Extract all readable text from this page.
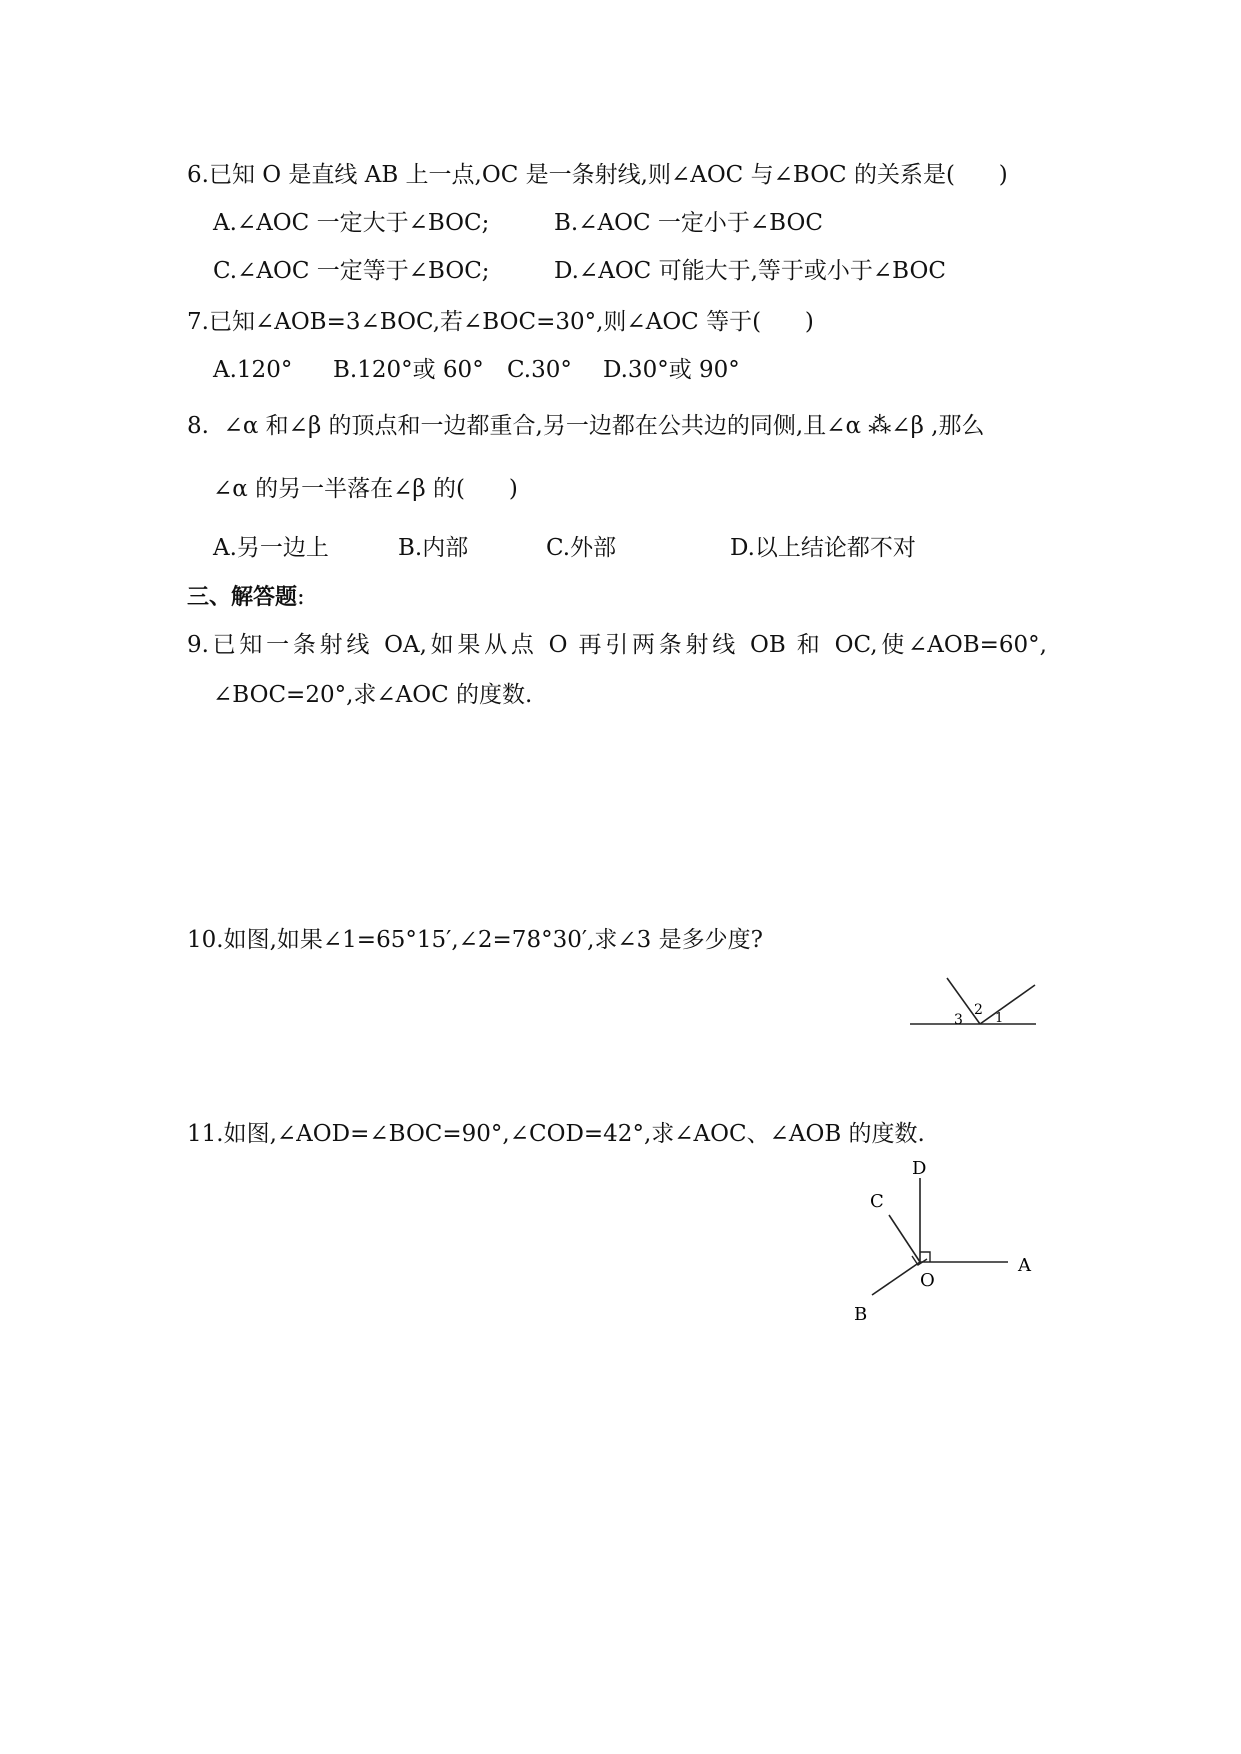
6.已知 O 是直线 AB 上一点,OC 是一条射线,则∠AOC 与∠BOC 的关系是(      )
A.∠AOC 一定大于∠BOC;	B.∠AOC 一定小于∠BOC
C.∠AOC 一定等于∠BOC;	D.∠AOC 可能大于,等于或小于∠BOC
7.已知∠AOB=3∠BOC,若∠BOC=30°,则∠AOC 等于(      )
A.120° B.120°或 60° C.30° D.30°或 90°
8.  ∠α 和∠β 的顶点和一边都重合,另一边都在公共边的同侧,且∠α ⁂∠β ,那么
∠α 的另一半落在∠β 的(      )
A.另一边上	B.内部	C.外部	D.以上结论都不对
三、解答题:
9.已知一条射线 OA,如果从点 O 再引两条射线 OB 和 OC,使∠AOB=60°,
∠BOC=20°,求∠AOC 的度数.
10.如图,如果∠1=65°15′,∠2=78°30′,求∠3 是多少度?
3
2
1
11.如图,∠AOD=∠BOC=90°,∠COD=42°,求∠AOC、∠AOB 的度数.
A
D
C
O
B
